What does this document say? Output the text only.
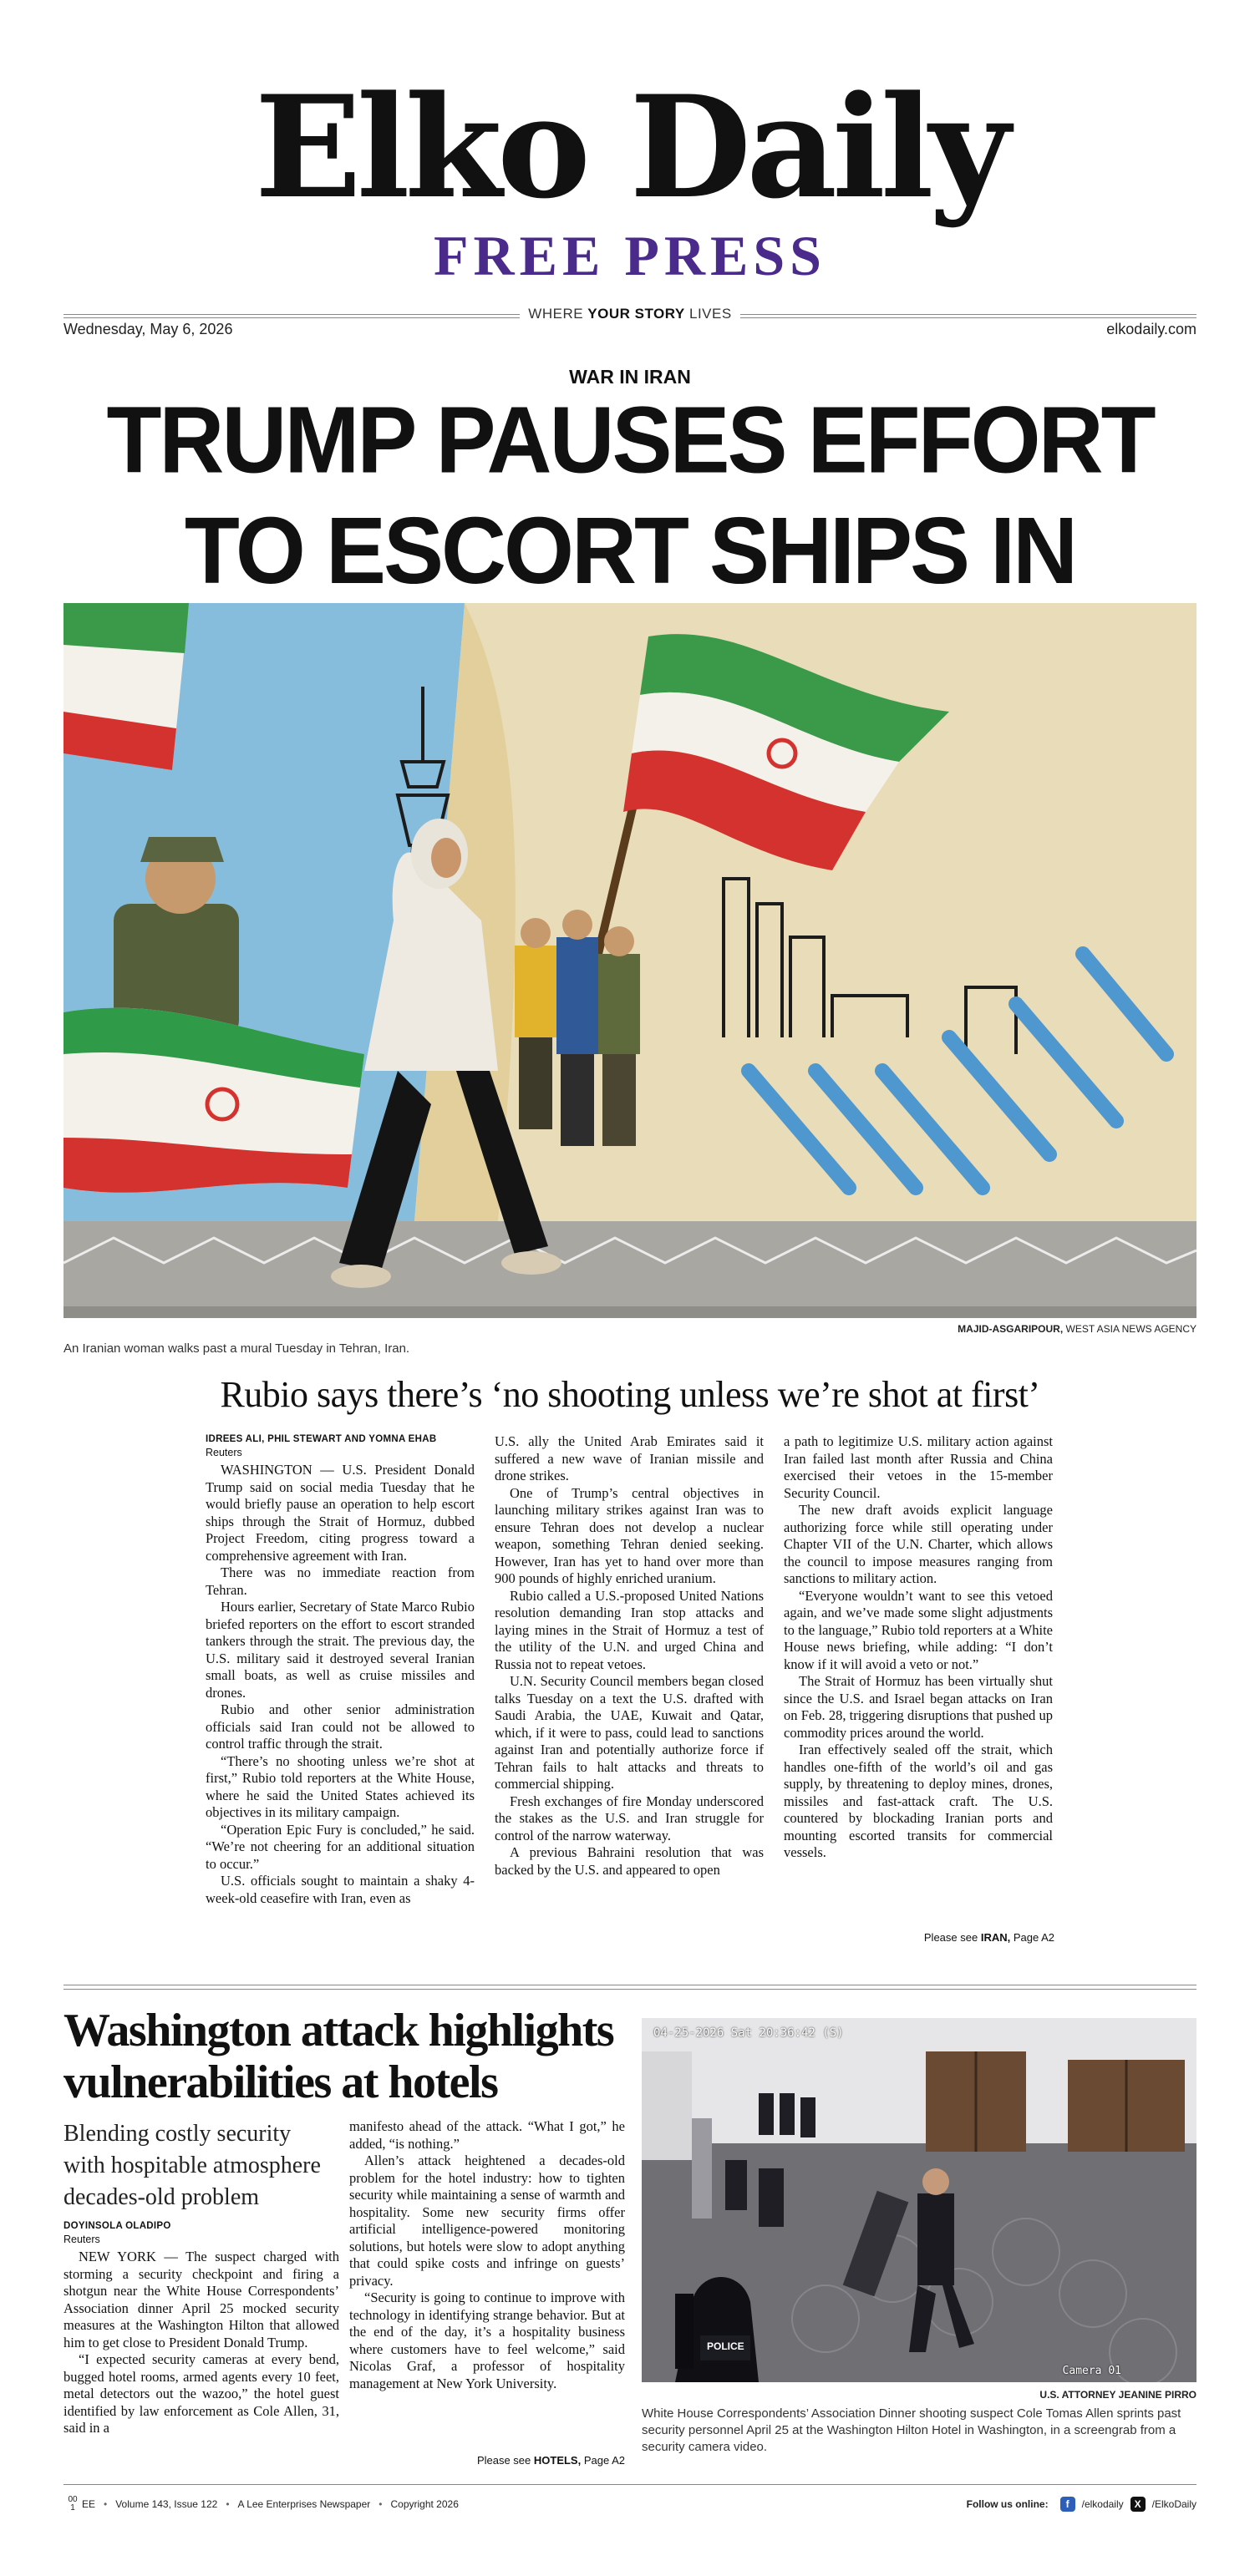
Elko Daily
FREE PRESS
WHERE YOUR STORY LIVES
Wednesday, May 6, 2026	elkodaily.com
WAR IN IRAN
TRUMP PAUSES EFFORT TO ESCORT SHIPS IN
MAJID-ASGARIPOUR, WEST ASIA NEWS AGENCY
An Iranian woman walks past a mural Tuesday in Tehran, Iran.
Rubio says there’s ‘no shooting unless we’re shot at first’

IDREES ALI, PHIL STEWART AND YOMNA EHAB

Reuters

WASHINGTON — U.S. President Donald Trump said on social media Tuesday that he would briefly pause an operation to help escort ships through the Strait of Hormuz, dubbed Project Freedom, citing progress toward a comprehensive agreement with Iran.

There was no immediate reaction from Tehran.

Hours earlier, Secretary of State Marco Rubio briefed reporters on the effort to escort stranded tankers through the strait. The previous day, the U.S. military said it destroyed several Iranian small boats, as well as cruise missiles and drones.

Rubio and other senior administration officials said Iran could not be allowed to control traffic through the strait.

“There’s no shooting unless we’re shot at first,” Rubio told reporters at the White House, where he said the United States achieved its objectives in its military campaign.

“Operation Epic Fury is concluded,” he said. “We’re not cheering for an additional situation to occur.”

U.S. officials sought to maintain a shaky 4-week-old ceasefire with Iran, even as

U.S. ally the United Arab Emirates said it suffered a new wave of Iranian missile and drone strikes.

One of Trump’s central objectives in launching military strikes against Iran was to ensure Tehran does not develop a nuclear weapon, something Tehran denied seeking. However, Iran has yet to hand over more than 900 pounds of highly enriched uranium.

Rubio called a U.S.-proposed United Nations resolution demanding Iran stop attacks and laying mines in the Strait of Hormuz a test of the utility of the U.N. and urged China and Russia not to repeat vetoes.

U.N. Security Council members began closed talks Tuesday on a text the U.S. drafted with Saudi Arabia, the UAE, Kuwait and Qatar, which, if it were to pass, could lead to sanctions against Iran and potentially authorize force if Tehran fails to halt attacks and threats to commercial shipping.

Fresh exchanges of fire Monday underscored the stakes as the U.S. and Iran struggle for control of the narrow waterway.

A previous Bahraini resolution that was backed by the U.S. and appeared to open

a path to legitimize U.S. military action against Iran failed last month after Russia and China exercised their vetoes in the 15-member Security Council.

The new draft avoids explicit language authorizing force while still operating under Chapter VII of the U.N. Charter, which allows the council to impose measures ranging from sanctions to military action.

“Everyone wouldn’t want to see this vetoed again, and we’ve made some slight adjustments to the language,” Rubio told reporters at a White House news briefing, while adding: “I don’t know if it will avoid a veto or not.”

The Strait of Hormuz has been virtually shut since the U.S. and Israel began attacks on Iran on Feb. 28, triggering disruptions that pushed up commodity prices around the world.

Iran effectively sealed off the strait, which handles one-fifth of the world’s oil and gas supply, by threatening to deploy mines, drones, missiles and fast-attack craft. The U.S. countered by blockading Iranian ports and mounting escorted transits for commercial vessels.

Please see IRAN, Page A2
Washington attack highlights vulnerabilities at hotels
Blending costly security with hospitable atmosphere decades-old problem

DOYINSOLA OLADIPO

Reuters

NEW YORK — The suspect charged with storming a security checkpoint and firing a shotgun near the White House Correspondents’ Association dinner April 25 mocked security measures at the Washington Hilton that allowed him to get close to President Donald Trump.

“I expected security cameras at every bend, bugged hotel rooms, armed agents every 10 feet, metal detectors out the wazoo,” the hotel guest identified by law enforcement as Cole Allen, 31, said in a

manifesto ahead of the attack. “What I got,” he added, “is nothing.”

Allen’s attack heightened a decades-old problem for the hotel industry: how to tighten security while maintaining a sense of warmth and hospitality. Some new security firms offer artificial intelligence-powered monitoring solutions, but hotels were slow to adopt anything that could spike costs and infringe on guests’ privacy.

“Security is going to continue to improve with technology in identifying strange behavior. But at the end of the day, it’s a hospitality business where customers have to feel welcome,” said Nicolas Graf, a professor of hospitality management at New York University.

Please see HOTELS, Page A2
04-25-2026 Sat 20:36:42 (S)
Camera 01
POLICE
U.S. ATTORNEY JEANINE PIRRO
White House Correspondents’ Association Dinner shooting suspect Cole Tomas Allen sprints past security personnel April 25 at the Washington Hilton Hotel in Washington, in a screengrab from a security camera video.
00
1 EE • Volume 143, Issue 122 • A Lee Enterprises Newspaper • Copyright 2026	Follow us online:	f	/elkodaily	X	/ElkoDaily
